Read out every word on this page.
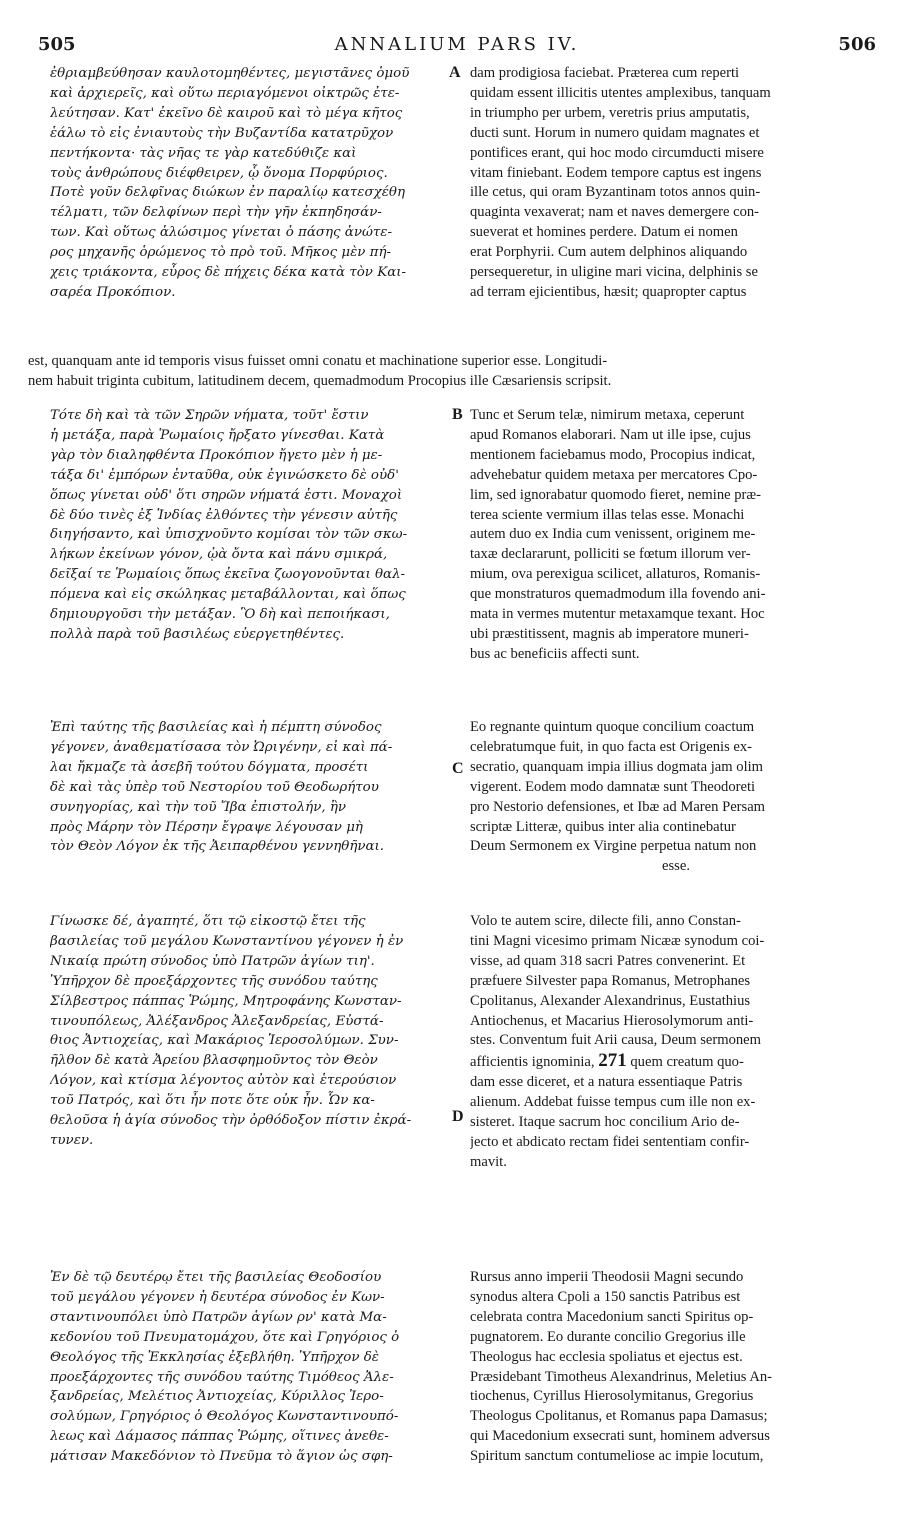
505	ANNALIUM PARS IV.	506
A
B
C
D
ἐθριαμβεύθησαν καυλοτομηθέντες, μεγιστᾶνες ὁμοῦ
καὶ ἀρχιερεῖς, καὶ οὕτω περιαγόμενοι οἰκτρῶς ἐτε-
λεύτησαν. Κατ' ἐκεῖνο δὲ καιροῦ καὶ τὸ μέγα κῆτος
ἑάλω τὸ εἰς ἐνιαυτοὺς τὴν Βυζαντίδα κατατρῦχον
πεντήκοντα· τὰς νῆας τε γὰρ κατεδύθιζε καὶ
τοὺς ἀνθρώπους διέφθειρεν, ᾧ ὄνομα Πορφύριος.
Ποτὲ γοῦν δελφῖνας διώκων ἐν παραλίῳ κατεσχέθη
τέλματι, τῶν δελφίνων περὶ τὴν γῆν ἐκπηδησάν-
των. Καὶ οὕτως ἁλώσιμος γίνεται ὁ πάσης ἀνώτε-
ρος μηχανῆς ὁρώμενος τὸ πρὸ τοῦ. Μῆκος μὲν πή-
χεις τριάκοντα, εὖρος δὲ πήχεις δέκα κατὰ τὸν Και-
σαρέα Προκόπιον.
dam prodigiosa faciebat. Præterea cum reperti
quidam essent illicitis utentes amplexibus, tanquam
in triumpho per urbem, veretris prius amputatis,
ducti sunt. Horum in numero quidam magnates et
pontifices erant, qui hoc modo circumducti misere
vitam finiebant. Eodem tempore captus est ingens
ille cetus, qui oram Byzantinam totos annos quin-
quaginta vexaverat; nam et naves demergere con-
sueverat et homines perdere. Datum ei nomen
erat Porphyrii. Cum autem delphinos aliquando
persequeretur, in uligine mari vicina, delphinis se
ad terram ejicientibus, hæsit; quapropter captus
est, quanquam ante id temporis visus fuisset omni conatu et machinatione superior esse. Longitudi-
nem habuit triginta cubitum, latitudinem decem, quemadmodum Procopius ille Cæsariensis scripsit.
Τότε δὴ καὶ τὰ τῶν Σηρῶν νήματα, τοῦτ' ἔστιν
ἡ μετάξα, παρὰ Ῥωμαίοις ἤρξατο γίνεσθαι. Κατὰ
γὰρ τὸν διαληφθέντα Προκόπιον ἤγετο μὲν ἡ με-
τάξα δι' ἐμπόρων ἐνταῦθα, οὐκ ἐγινώσκετο δὲ οὐδ'
ὅπως γίνεται οὐδ' ὅτι σηρῶν νήματά ἐστι. Μοναχοὶ
δὲ δύο τινὲς ἐξ Ἰνδίας ἐλθόντες τὴν γένεσιν αὐτῆς
διηγήσαντο, καὶ ὑπισχνοῦντο κομίσαι τὸν τῶν σκω-
λήκων ἐκείνων γόνον, ᾠὰ ὄντα καὶ πάνυ σμικρά,
δεῖξαί τε Ῥωμαίοις ὅπως ἐκεῖνα ζωογονοῦνται θαλ-
πόμενα καὶ εἰς σκώληκας μεταβάλλονται, καὶ ὅπως
δημιουργοῦσι τὴν μετάξαν. Ὃ δὴ καὶ πεποιήκασι,
πολλὰ παρὰ τοῦ βασιλέως εὐεργετηθέντες.
Tunc et Serum telæ, nimirum metaxa, ceperunt
apud Romanos elaborari. Nam ut ille ipse, cujus
mentionem faciebamus modo, Procopius indicat,
advehebatur quidem metaxa per mercatores Cpo-
lim, sed ignorabatur quomodo fieret, nemine præ-
terea sciente vermium illas telas esse. Monachi
autem duo ex India cum venissent, originem me-
taxæ declararunt, polliciti se fœtum illorum ver-
mium, ova perexigua scilicet, allaturos, Romanis-
que monstraturos quemadmodum illa fovendo ani-
mata in vermes mutentur metaxamque texant. Hoc
ubi præstitissent, magnis ab imperatore muneri-
bus ac beneficiis affecti sunt.
Ἐπὶ ταύτης τῆς βασιλείας καὶ ἡ πέμπτη σύνοδος
γέγονεν, ἀναθεματίσασα τὸν Ὠριγένην, εἰ καὶ πά-
λαι ἤκμαζε τὰ ἀσεβῆ τούτου δόγματα, προσέτι
δὲ καὶ τὰς ὑπὲρ τοῦ Νεστορίου τοῦ Θεοδωρήτου
συνηγορίας, καὶ τὴν τοῦ Ἴβα ἐπιστολήν, ἣν
πρὸς Μάρην τὸν Πέρσην ἔγραψε λέγουσαν μὴ
τὸν Θεὸν Λόγον ἐκ τῆς Ἀειπαρθένου γεννηθῆναι.
Eo regnante quintum quoque concilium coactum
celebratumque fuit, in quo facta est Origenis ex-
secratio, quanquam impia illius dogmata jam olim
vigerent. Eodem modo damnatæ sunt Theodoreti
pro Nestorio defensiones, et Ibæ ad Maren Persam
scriptæ Litteræ, quibus inter alia continebatur
Deum Sermonem ex Virgine perpetua natum non
esse.
Γίνωσκε δέ, ἀγαπητέ, ὅτι τῷ εἰκοστῷ ἔτει τῆς
βασιλείας τοῦ μεγάλου Κωνσταντίνου γέγονεν ἡ ἐν
Νικαίᾳ πρώτη σύνοδος ὑπὸ Πατρῶν ἁγίων τιη'.
Ὑπῆρχον δὲ προεξάρχοντες τῆς συνόδου ταύτης
Σίλβεστρος πάππας Ῥώμης, Μητροφάνης Κωνσταν-
τινουπόλεως, Ἀλέξανδρος Ἀλεξανδρείας, Εὐστά-
θιος Ἀντιοχείας, καὶ Μακάριος Ἱεροσολύμων. Συν-
ῆλθον δὲ κατὰ Ἀρείου βλασφημοῦντος τὸν Θεὸν
Λόγον, καὶ κτίσμα λέγοντος αὐτὸν καὶ ἑτερούσιον
τοῦ Πατρός, καὶ ὅτι ἦν ποτε ὅτε οὐκ ἦν. Ὧν κα-
θελοῦσα ἡ ἁγία σύνοδος τὴν ὀρθόδοξον πίστιν ἐκρά-
τυνεν.
Volo te autem scire, dilecte fili, anno Constan-
tini Magni vicesimo primam Nicææ synodum coi-
visse, ad quam 318 sacri Patres convenerint. Et
præfuere Silvester papa Romanus, Metrophanes
Cpolitanus, Alexander Alexandrinus, Eustathius
Antiochenus, et Macarius Hierosolymorum anti-
stes. Conventum fuit Arii causa, Deum sermonem
afficientis ignominia, 271 quem creatum quo-
dam esse diceret, et a natura essentiaque Patris
alienum. Addebat fuisse tempus cum ille non ex-
sisteret. Itaque sacrum hoc concilium Ario de-
jecto et abdicato rectam fidei sententiam confir-
mavit.
Ἐν δὲ τῷ δευτέρῳ ἔτει τῆς βασιλείας Θεοδοσίου
τοῦ μεγάλου γέγονεν ἡ δευτέρα σύνοδος ἐν Κων-
σταντινουπόλει ὑπὸ Πατρῶν ἁγίων ρν' κατὰ Μα-
κεδονίου τοῦ Πνευματομάχου, ὅτε καὶ Γρηγόριος ὁ
Θεολόγος τῆς Ἐκκλησίας ἐξεβλήθη. Ὑπῆρχον δὲ
προεξάρχοντες τῆς συνόδου ταύτης Τιμόθεος Ἀλε-
ξανδρείας, Μελέτιος Ἀντιοχείας, Κύριλλος Ἱερο-
σολύμων, Γρηγόριος ὁ Θεολόγος Κωνσταντινουπό-
λεως καὶ Δάμασος πάππας Ῥώμης, οἵτινες ἀνεθε-
μάτισαν Μακεδόνιον τὸ Πνεῦμα τὸ ἅγιον ὡς σφη-
Rursus anno imperii Theodosii Magni secundo
synodus altera Cpoli a 150 sanctis Patribus est
celebrata contra Macedonium sancti Spiritus op-
pugnatorem. Eo durante concilio Gregorius ille
Theologus hac ecclesia spoliatus et ejectus est.
Præsidebant Timotheus Alexandrinus, Meletius An-
tiochenus, Cyrillus Hierosolymitanus, Gregorius
Theologus Cpolitanus, et Romanus papa Damasus;
qui Macedonium exsecrati sunt, hominem adversus
Spiritum sanctum contumeliose ac impie locutum,
